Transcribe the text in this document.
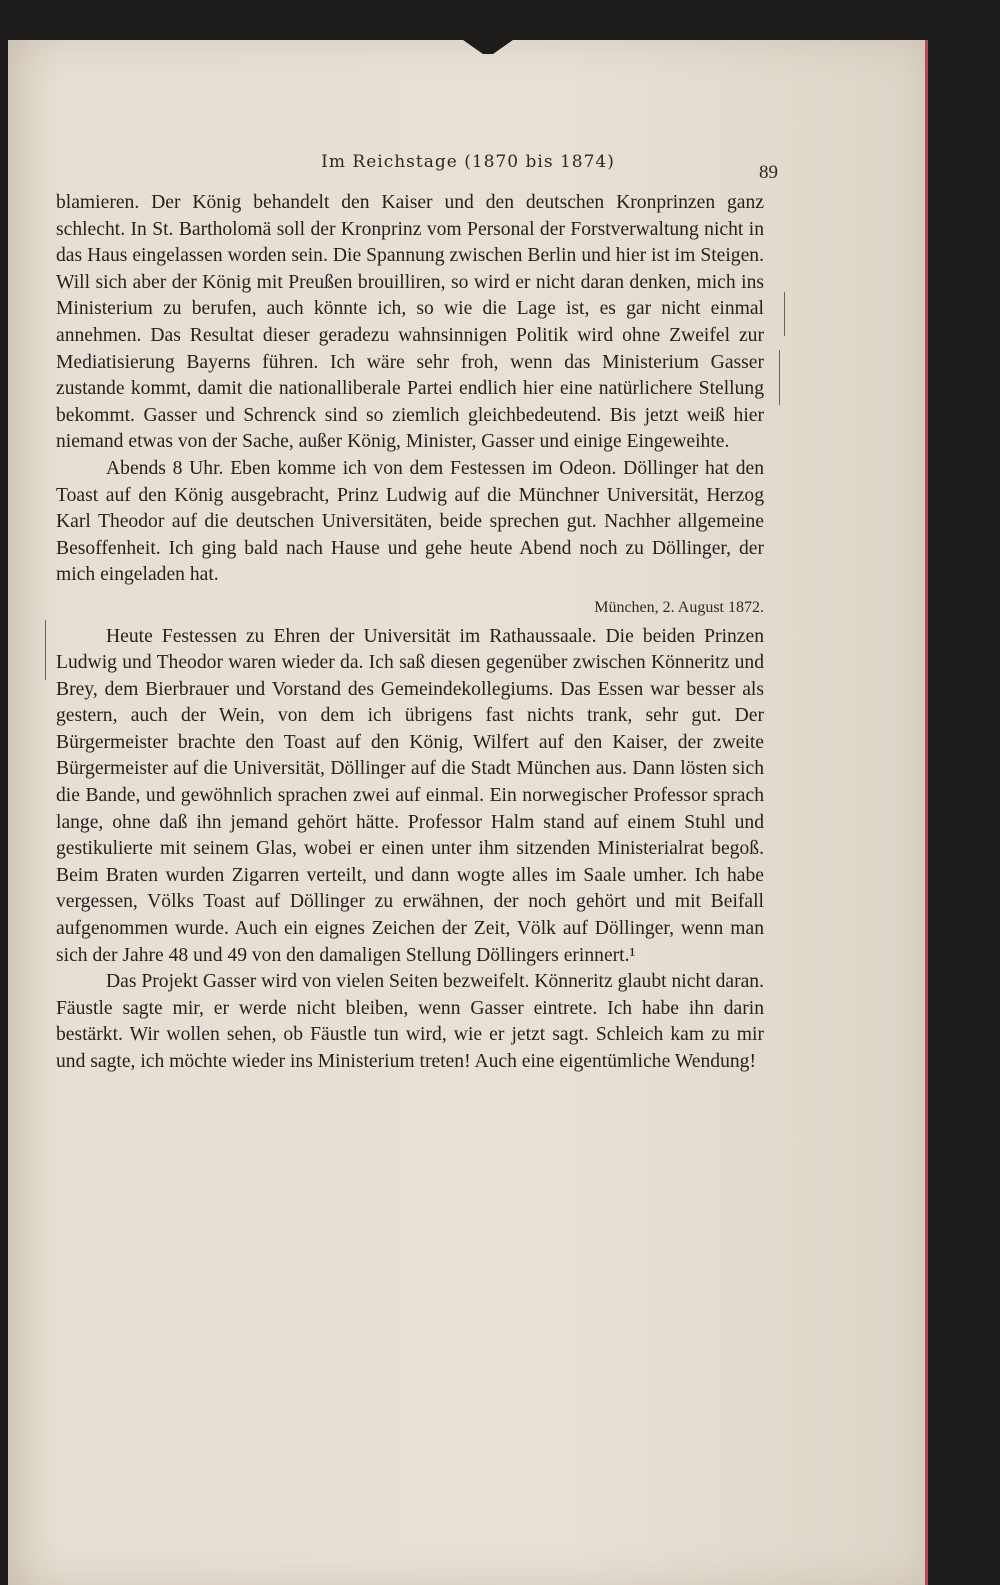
Im Reichstage (1870 bis 1874)	89

blamieren. Der König behandelt den Kaiser und den deutschen Kronprinzen ganz schlecht. In St. Bartholomä soll der Kronprinz vom Personal der Forstverwaltung nicht in das Haus eingelassen worden sein. Die Spannung zwischen Berlin und hier ist im Steigen. Will sich aber der König mit Preußen brouilliren, so wird er nicht daran denken, mich ins Ministerium zu berufen, auch könnte ich, so wie die Lage ist, es gar nicht einmal annehmen. Das Resultat dieser geradezu wahnsinnigen Politik wird ohne Zweifel zur Mediatisierung Bayerns führen. Ich wäre sehr froh, wenn das Ministerium Gasser zustande kommt, damit die nationalliberale Partei endlich hier eine natürlichere Stellung bekommt. Gasser und Schrenck sind so ziemlich gleichbedeutend. Bis jetzt weiß hier niemand etwas von der Sache, außer König, Minister, Gasser und einige Eingeweihte.

Abends 8 Uhr. Eben komme ich von dem Festessen im Odeon. Döllinger hat den Toast auf den König ausgebracht, Prinz Ludwig auf die Münchner Universität, Herzog Karl Theodor auf die deutschen Universitäten, beide sprechen gut. Nachher allgemeine Besoffenheit. Ich ging bald nach Hause und gehe heute Abend noch zu Döllinger, der mich eingeladen hat.

München, 2. August 1872.

Heute Festessen zu Ehren der Universität im Rathaussaale. Die beiden Prinzen Ludwig und Theodor waren wieder da. Ich saß diesen gegenüber zwischen Könneritz und Brey, dem Bierbrauer und Vorstand des Gemeindekollegiums. Das Essen war besser als gestern, auch der Wein, von dem ich übrigens fast nichts trank, sehr gut. Der Bürgermeister brachte den Toast auf den König, Wilfert auf den Kaiser, der zweite Bürgermeister auf die Universität, Döllinger auf die Stadt München aus. Dann lösten sich die Bande, und gewöhnlich sprachen zwei auf einmal. Ein norwegischer Professor sprach lange, ohne daß ihn jemand gehört hätte. Professor Halm stand auf einem Stuhl und gestikulierte mit seinem Glas, wobei er einen unter ihm sitzenden Ministerialrat begoß. Beim Braten wurden Zigarren verteilt, und dann wogte alles im Saale umher. Ich habe vergessen, Völks Toast auf Döllinger zu erwähnen, der noch gehört und mit Beifall aufgenommen wurde. Auch ein eignes Zeichen der Zeit, Völk auf Döllinger, wenn man sich der Jahre 48 und 49 von den damaligen Stellung Döllingers erinnert.¹

Das Projekt Gasser wird von vielen Seiten bezweifelt. Könneritz glaubt nicht daran. Fäustle sagte mir, er werde nicht bleiben, wenn Gasser eintrete. Ich habe ihn darin bestärkt. Wir wollen sehen, ob Fäustle tun wird, wie er jetzt sagt. Schleich kam zu mir und sagte, ich möchte wieder ins Ministerium treten! Auch eine eigentümliche Wendung!
